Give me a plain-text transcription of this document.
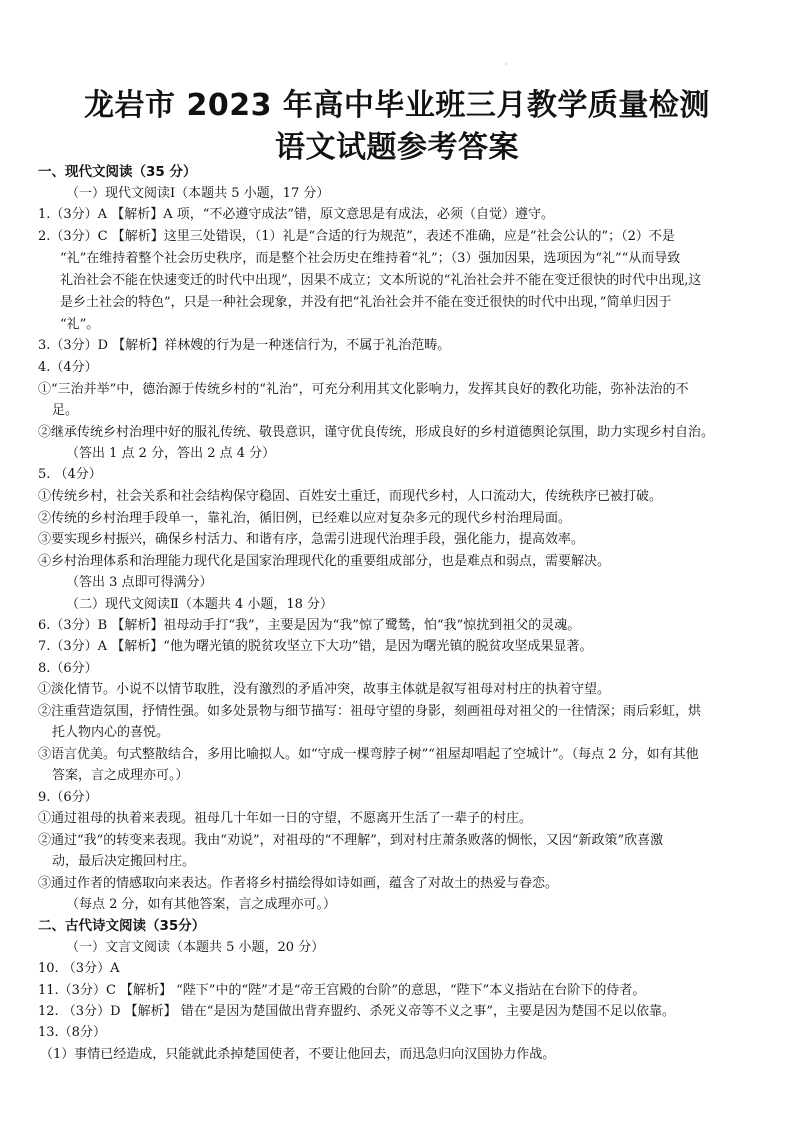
·
龙岩市 2023 年高中毕业班三月教学质量检测
语文试题参考答案
一、现代文阅读（35 分）
（一）现代文阅读Ⅰ（本题共 5 小题，17 分）
1.（3分）A 【解析】A 项，“不必遵守成法”错，原文意思是有成法，必须（自觉）遵守。
2.（3分）C 【解析】这里三处错误，（1）礼是“合适的行为规范”，表述不准确，应是“社会公认的”；（2）不是
“礼”在维持着整个社会历史秩序，而是整个社会历史在维持着“礼”；（3）强加因果，选项因为“礼”“从而导致
礼治社会不能在快速变迁的时代中出现”，因果不成立；文本所说的“礼治社会并不能在变迁很快的时代中出现,这
是乡土社会的特色”，只是一种社会现象，并没有把“礼治社会并不能在变迁很快的时代中出现，”简单归因于
“礼”。
3.（3分）D 【解析】祥林嫂的行为是一种迷信行为，不属于礼治范畴。
4.（4分）
①“三治并举”中，德治源于传统乡村的“礼治”，可充分利用其文化影响力，发挥其良好的教化功能，弥补法治的不
足。
②继承传统乡村治理中好的服礼传统、敬畏意识，谨守优良传统，形成良好的乡村道德舆论氛围，助力实现乡村自治。
（答出 1 点 2 分，答出 2 点 4 分）
5. （4分）
①传统乡村，社会关系和社会结构保守稳固、百姓安土重迁，而现代乡村，人口流动大，传统秩序已被打破。
②传统的乡村治理手段单一，靠礼治，循旧例，已经难以应对复杂多元的现代乡村治理局面。
③要实现乡村振兴，确保乡村活力、和谐有序，急需引进现代治理手段，强化能力，提高效率。
④乡村治理体系和治理能力现代化是国家治理现代化的重要组成部分，也是难点和弱点，需要解决。
（答出 3 点即可得满分）
（二）现代文阅读Ⅱ（本题共 4 小题，18 分）
6.（3分）B 【解析】祖母动手打“我”，主要是因为“我”惊了鹭鸶，怕“我”惊扰到祖父的灵魂。
7.（3分）A 【解析】“他为曙光镇的脱贫攻坚立下大功”错，是因为曙光镇的脱贫攻坚成果显著。
8.（6分）
①淡化情节。小说不以情节取胜，没有激烈的矛盾冲突，故事主体就是叙写祖母对村庄的执着守望。
②注重营造氛围，抒情性强。如多处景物与细节描写：祖母守望的身影，刻画祖母对祖父的一往情深；雨后彩虹，烘
托人物内心的喜悦。
③语言优美。句式整散结合，多用比喻拟人。如“守成一棵弯脖子树”“祖屋却唱起了空城计”。（每点 2 分，如有其他
答案，言之成理亦可。）
9.（6分）
①通过祖母的执着来表现。祖母几十年如一日的守望，不愿离开生活了一辈子的村庄。
②通过“我”的转变来表现。我由“劝说”，对祖母的“不理解”，到对村庄萧条败落的惆怅，又因“新政策”欣喜激
动，最后决定搬回村庄。
③通过作者的情感取向来表达。作者将乡村描绘得如诗如画，蕴含了对故土的热爱与眷恋。
（每点 2 分，如有其他答案，言之成理亦可。）
二、古代诗文阅读（35分）
（一）文言文阅读（本题共 5 小题，20 分）
10. （3分）A
11.（3分）C 【解析】 “陛下”中的“陛”才是“帝王宫殿的台阶”的意思，“陛下”本义指站在台阶下的侍者。
12. （3分）D 【解析】 错在“是因为楚国做出背弃盟约、杀死义帝等不义之事”，主要是因为楚国不足以依靠。
13.（8分）
（1）事情已经造成，只能就此杀掉楚国使者，不要让他回去，而迅急归向汉国协力作战。
